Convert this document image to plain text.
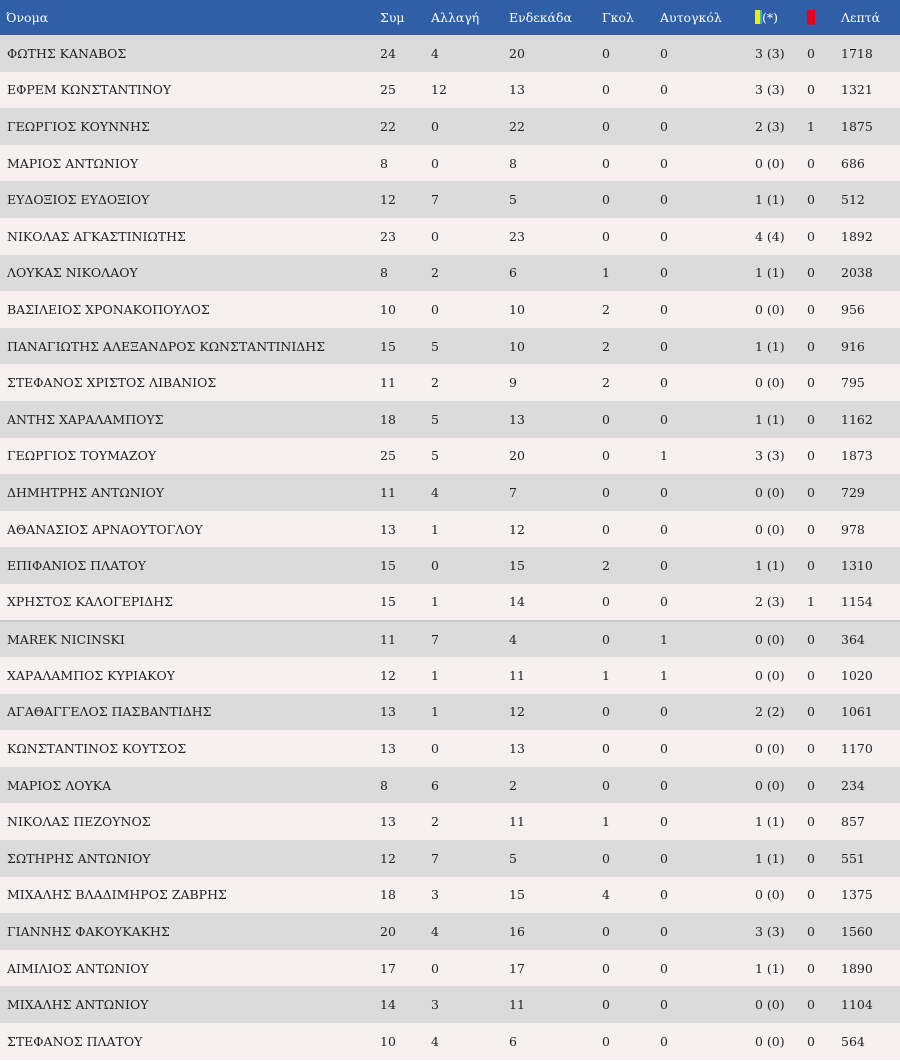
Όνομα	Συμ	Αλλαγή	Ενδεκάδα	Γκολ	Αυτογκόλ	(*)		Λεπτά
ΦΩΤΗΣ ΚΑΝΑΒΟΣ	24	4	20	0	0	3 (3)	0	1718
ΕΦΡΕΜ ΚΩΝΣΤΑΝΤΙΝΟΥ	25	12	13	0	0	3 (3)	0	1321
ΓΕΩΡΓΙΟΣ ΚΟΥΝΝΗΣ	22	0	22	0	0	2 (3)	1	1875
ΜΑΡΙΟΣ ΑΝΤΩΝΙΟΥ	8	0	8	0	0	0 (0)	0	686
ΕΥΔΟΞΙΟΣ ΕΥΔΟΞΙΟΥ	12	7	5	0	0	1 (1)	0	512
ΝΙΚΟΛΑΣ ΑΓΚΑΣΤΙΝΙΩΤΗΣ	23	0	23	0	0	4 (4)	0	1892
ΛΟΥΚΑΣ ΝΙΚΟΛΑΟΥ	8	2	6	1	0	1 (1)	0	2038
ΒΑΣΙΛΕΙΟΣ ΧΡΟΝΑΚΟΠΟΥΛΟΣ	10	0	10	2	0	0 (0)	0	956
ΠΑΝΑΓΙΩΤΗΣ ΑΛΕΞΑΝΔΡΟΣ ΚΩΝΣΤΑΝΤΙΝΙΔΗΣ	15	5	10	2	0	1 (1)	0	916
ΣΤΕΦΑΝΟΣ ΧΡΙΣΤΟΣ ΛΙΒΑΝΙΟΣ	11	2	9	2	0	0 (0)	0	795
ΑΝΤΗΣ ΧΑΡΑΛΑΜΠΟΥΣ	18	5	13	0	0	1 (1)	0	1162
ΓΕΩΡΓΙΟΣ ΤΟΥΜΑΖΟΥ	25	5	20	0	1	3 (3)	0	1873
ΔΗΜΗΤΡΗΣ ΑΝΤΩΝΙΟΥ	11	4	7	0	0	0 (0)	0	729
ΑΘΑΝΑΣΙΟΣ ΑΡΝΑΟΥΤΟΓΛΟΥ	13	1	12	0	0	0 (0)	0	978
ΕΠΙΦΑΝΙΟΣ ΠΛΑΤΟΥ	15	0	15	2	0	1 (1)	0	1310
ΧΡΗΣΤΟΣ ΚΑΛΟΓΕΡΙΔΗΣ	15	1	14	0	0	2 (3)	1	1154
MAREK NICINSKI	11	7	4	0	1	0 (0)	0	364
ΧΑΡΑΛΑΜΠΟΣ ΚΥΡΙΑΚΟΥ	12	1	11	1	1	0 (0)	0	1020
ΑΓΑΘΑΓΓΕΛΟΣ ΠΑΣΒΑΝΤΙΔΗΣ	13	1	12	0	0	2 (2)	0	1061
ΚΩΝΣΤΑΝΤΙΝΟΣ ΚΟΥΤΣΟΣ	13	0	13	0	0	0 (0)	0	1170
ΜΑΡΙΟΣ ΛΟΥΚΑ	8	6	2	0	0	0 (0)	0	234
ΝΙΚΟΛΑΣ ΠΕΖΟΥΝΟΣ	13	2	11	1	0	1 (1)	0	857
ΣΩΤΗΡΗΣ ΑΝΤΩΝΙΟΥ	12	7	5	0	0	1 (1)	0	551
ΜΙΧΑΛΗΣ ΒΛΑΔΙΜΗΡΟΣ ΖΑΒΡΗΣ	18	3	15	4	0	0 (0)	0	1375
ΓΙΑΝΝΗΣ ΦΑΚΟΥΚΑΚΗΣ	20	4	16	0	0	3 (3)	0	1560
ΑΙΜΙΛΙΟΣ ΑΝΤΩΝΙΟΥ	17	0	17	0	0	1 (1)	0	1890
ΜΙΧΑΛΗΣ ΑΝΤΩΝΙΟΥ	14	3	11	0	0	0 (0)	0	1104
ΣΤΕΦΑΝΟΣ ΠΛΑΤΟΥ	10	4	6	0	0	0 (0)	0	564
